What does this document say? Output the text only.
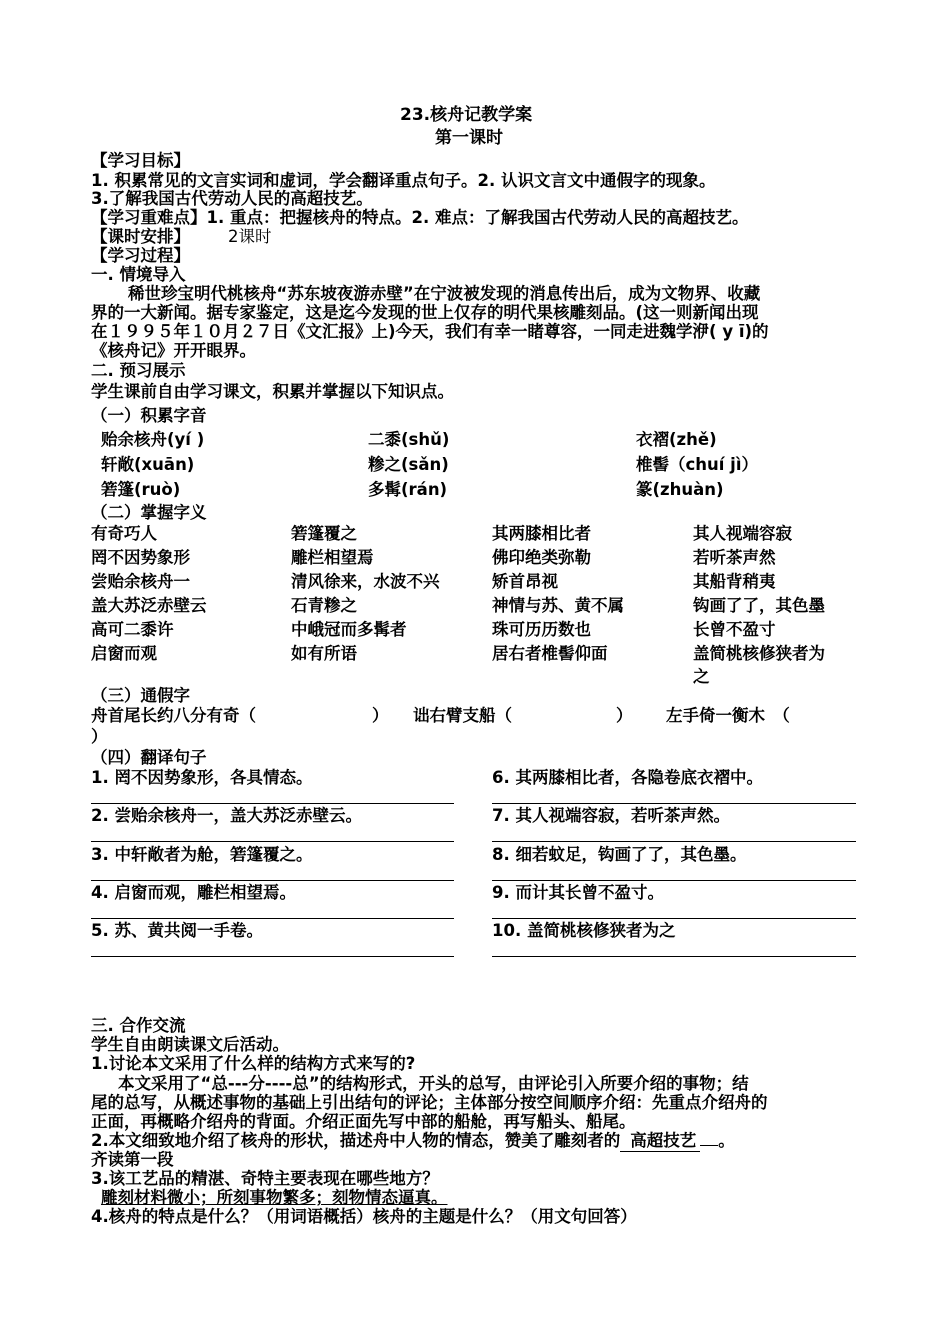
23.核舟记教学案
第一课时
【学习目标】
1. 积累常见的文言实词和虚词，学会翻译重点句子。2. 认识文言文中通假字的现象。
3.了解我国古代劳动人民的高超技艺。
【学习重难点】1. 重点：把握核舟的特点。2. 难点：了解我国古代劳动人民的高超技艺。
【课时安排】 2课时
【学习过程】
一. 情境导入
稀世珍宝明代桃核舟“苏东坡夜游赤壁”在宁波被发现的消息传出后，成为文物界、收藏
界的一大新闻。据专家鉴定，这是迄今发现的世上仅存的明代果核雕刻品。(这一则新闻出现
在１９９５年１０月２７日《文汇报》上)今天，我们有幸一睹尊容，一同走进魏学洢( y ī)的
《核舟记》开开眼界。
二. 预习展示
学生课前自由学习课文，积累并掌握以下知识点。
（一）积累字音
贻余核舟(yí )	二黍(shǔ)	衣褶(zhě)
轩敞(xuān)	糁之(sǎn)	椎髻（chuí jì）
箬篷(ruò)	多髯(rán)	篆(zhuàn)
（二）掌握字义
有奇巧人	箬篷覆之	其两膝相比者	其人视端容寂
罔不因势象形	雕栏相望焉	佛印绝类弥勒	若听茶声然
尝贻余核舟一	清风徐来，水波不兴	矫首昂视	其船背稍夷
盖大苏泛赤壁云	石青糁之	神情与苏、黄不属	钩画了了，其色墨
高可二黍许	中峨冠而多髯者	珠可历历数也	长曾不盈寸
启窗而观	如有所语	居右者椎髻仰面	盖简桃核修狭者为
之
（三）通假字
舟首尾长约八分有奇（	） 诎右臂支船（	） 左手倚一衡木　（
）
（四）翻译句子
1. 罔不因势象形，各具情态。	6. 其两膝相比者，各隐卷底衣褶中。
2. 尝贻余核舟一，盖大苏泛赤壁云。	7. 其人视端容寂，若听茶声然。
3. 中轩敞者为舱，箬篷覆之。	8. 细若蚊足，钩画了了，其色墨。
4. 启窗而观，雕栏相望焉。	9. 而计其长曾不盈寸。
5. 苏、黄共阅一手卷。	10. 盖简桃核修狭者为之
三. 合作交流
学生自由朗读课文后活动。
1.讨论本文采用了什么样的结构方式来写的?
本文采用了“总---分----总”的结构形式，开头的总写，由评论引入所要介绍的事物；结
尾的总写，从概述事物的基础上引出结句的评论；主体部分按空间顺序介绍：先重点介绍舟的
正面，再概略介绍舟的背面。介绍正面先写中部的船舱，再写船头、船尾。
2.本文细致地介绍了核舟的形状，描述舟中人物的情态，赞美了雕刻者的 高超技艺 。
齐读第一段
3.该工艺品的精湛、奇特主要表现在哪些地方？
雕刻材料微小；所刻事物繁多；刻物情态逼真。
4.核舟的特点是什么？（用词语概括）核舟的主题是什么？（用文句回答）
